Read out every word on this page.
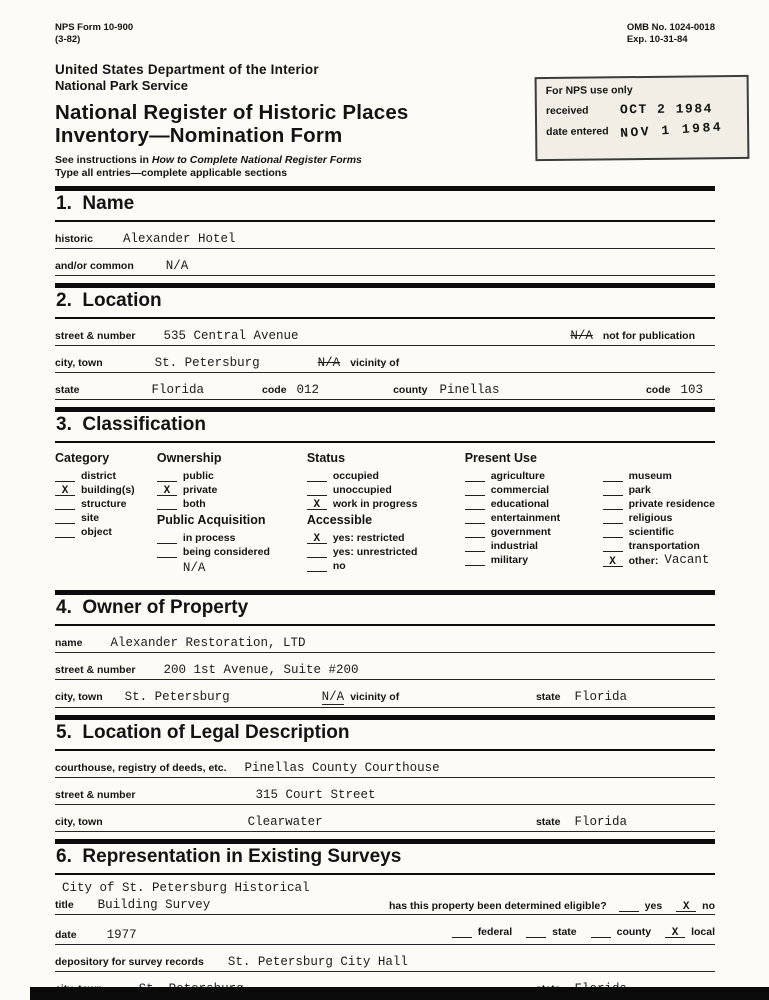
NPS Form 10-900
(3-82)
OMB No. 1024-0018
Exp. 10-31-84
United States Department of the Interior
National Park Service
National Register of Historic Places
Inventory—Nomination Form
See instructions in How to Complete National Register Forms
Type all entries—complete applicable sections
For NPS use only
received	OCT 2 1984
date entered NOV 1 1984
1.  Name
historic Alexander Hotel
and/or common	N/A
2.  Location
street & number 535 Central Avenue	N/A not for publication
city, town	St. Petersburg	N/A vicinity of
state	Florida	code 012	county Pinellas	code 103
3.  Classification
Category
district
X	building(s)
structure
site
object
Ownership
public
X	private
both
Public Acquisition
in process
being considered
N/A
Status
occupied
unoccupied
X	work in progress
Accessible
X	yes: restricted
yes: unrestricted
no
Present Use
agriculture
commercial
educational
entertainment
government
industrial
military

museum
park
private residence
religious
scientific
transportation
X	other: Vacant
4.  Owner of Property
name Alexander Restoration, LTD
street & number 200 1st Avenue, Suite #200
city, town St. Petersburg	N/A vicinity of	state Florida
5.  Location of Legal Description
courthouse, registry of deeds, etc. Pinellas County Courthouse
street & number	315 Court Street
city, town	Clearwater	state Florida
6.  Representation in Existing Surveys
City of St. Petersburg Historical
title Building Survey	has this property been determined eligible?	yes	X	no
date 1977	federal	state	county	X	local
depository for survey records St. Petersburg City Hall
